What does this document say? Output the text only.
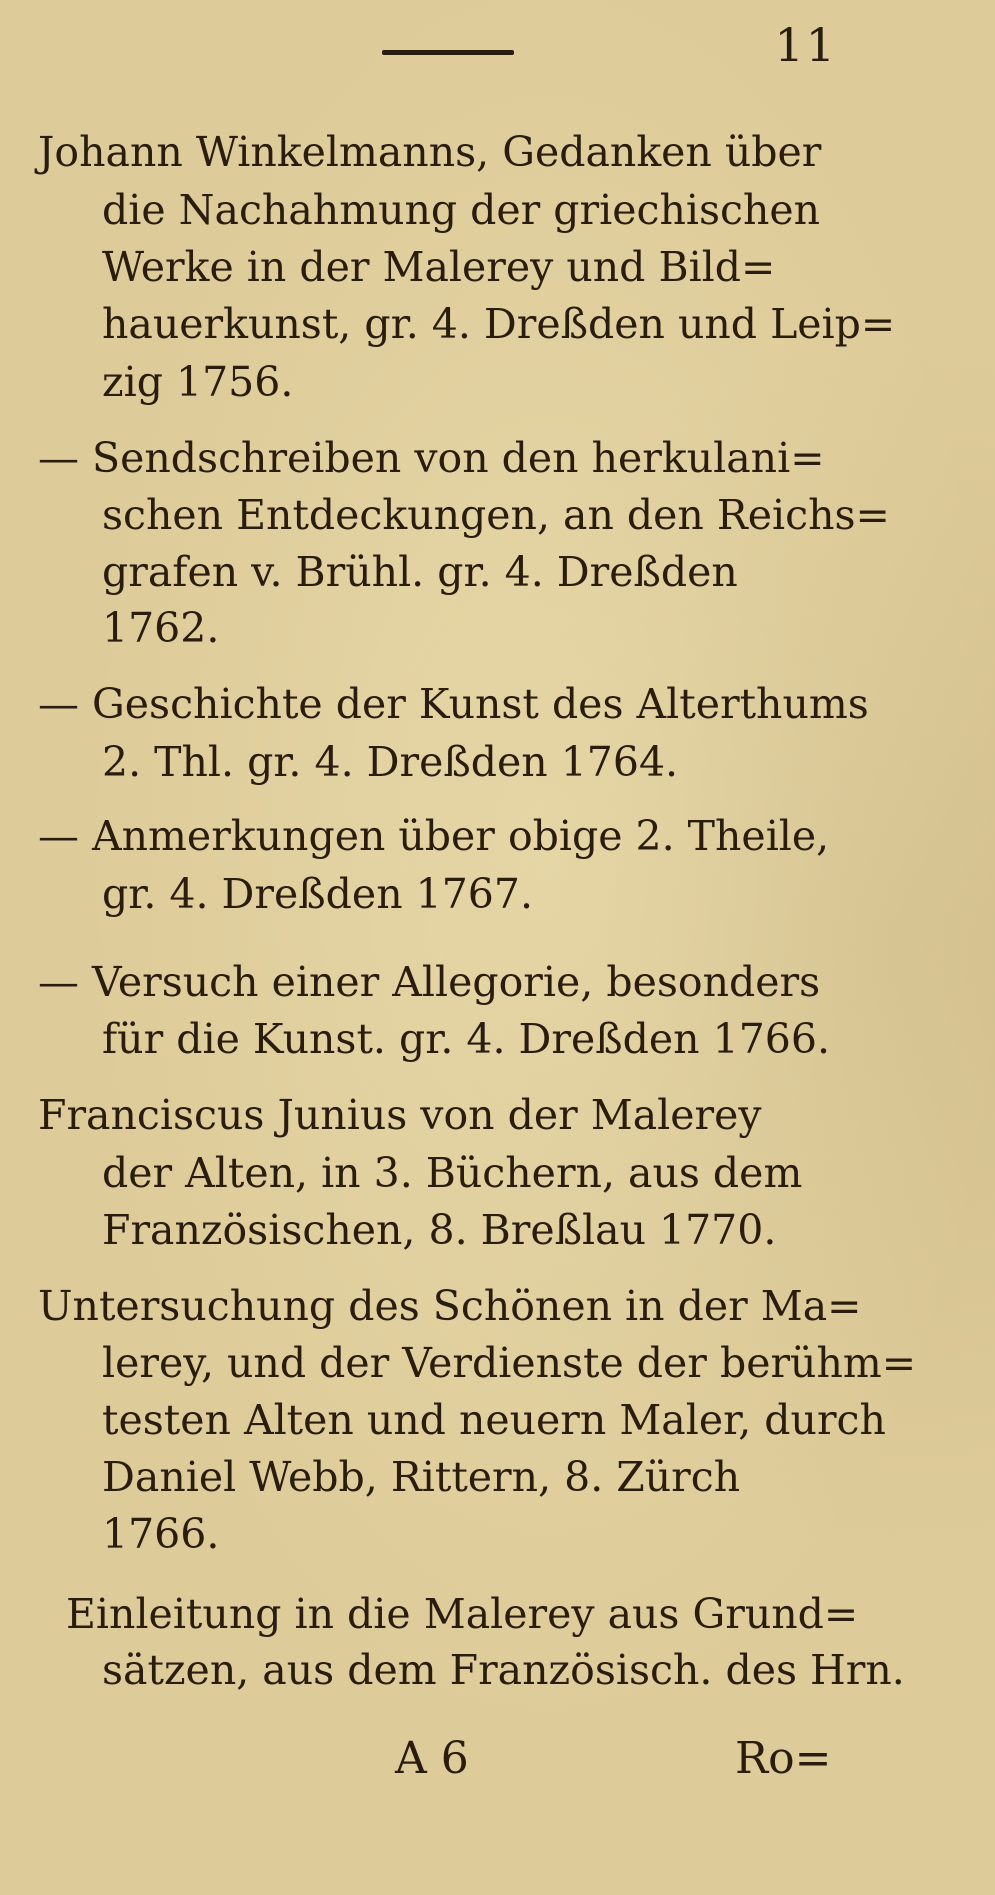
11
Johann Winkelmanns, Gedanken über
die Nachahmung der griechischen
Werke in der Malerey und Bild=
hauerkunst, gr. 4. Dreßden und Leip=
zig 1756.
— Sendschreiben von den herkulani=
schen Entdeckungen, an den Reichs=
grafen v. Brühl. gr. 4. Dreßden
1762.
— Geschichte der Kunst des Alterthums
2. Thl. gr. 4. Dreßden 1764.
— Anmerkungen über obige 2. Theile,
gr. 4. Dreßden 1767.
— Versuch einer Allegorie, besonders
für die Kunst. gr. 4. Dreßden 1766.
Franciscus Junius von der Malerey
der Alten, in 3. Büchern, aus dem
Französischen, 8. Breßlau 1770.
Untersuchung des Schönen in der Ma=
lerey, und der Verdienste der berühm=
testen Alten und neuern Maler, durch
Daniel Webb, Rittern, 8. Zürch
1766.
Einleitung in die Malerey aus Grund=
sätzen, aus dem Französisch. des Hrn.
A 6	Ro=
